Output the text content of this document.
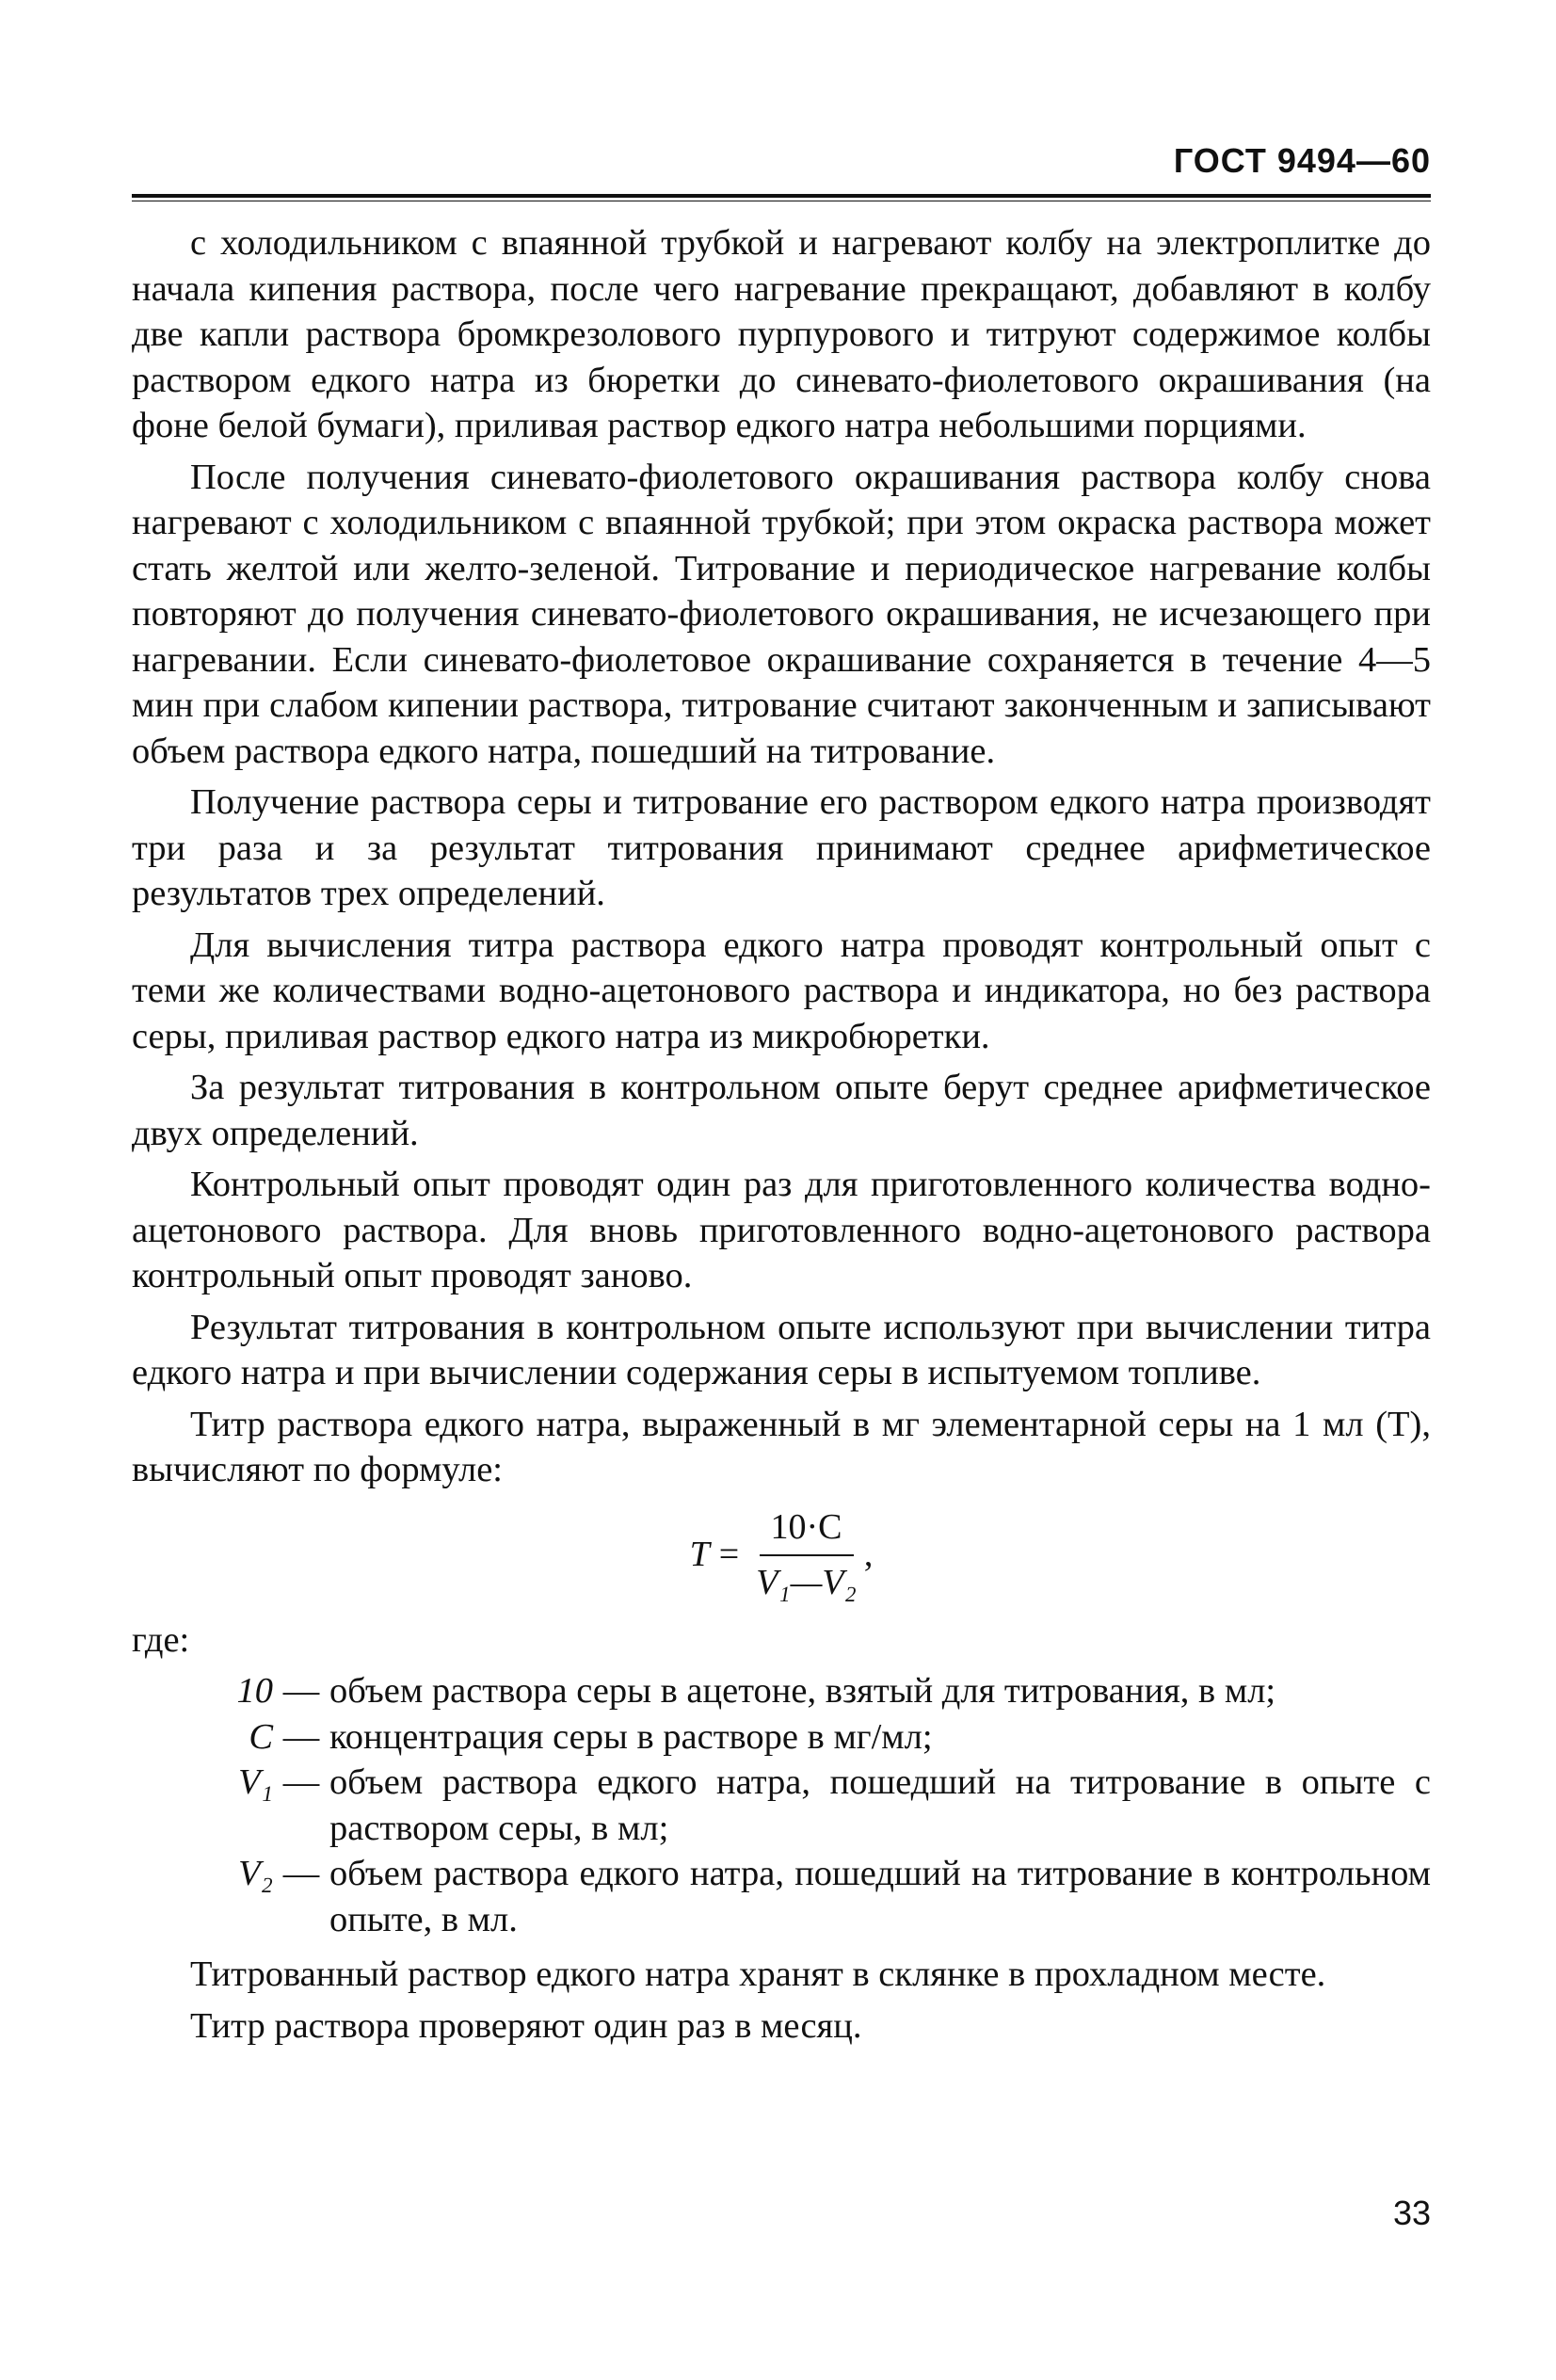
ГОСТ 9494—60

с холодильником с впаянной трубкой и нагревают колбу на электроплитке до начала кипения раствора, после чего нагревание прекращают, добавляют в колбу две капли раствора бромкрезолового пурпурового и титруют содержимое колбы раствором едкого натра из бюретки до синевато-фиолетового окрашивания (на фоне белой бумаги), приливая раствор едкого натра небольшими порциями.

После получения синевато-фиолетового окрашивания раствора колбу снова нагревают с холодильником с впаянной трубкой; при этом окраска раствора может стать желтой или желто-зеленой. Титрование и периодическое нагревание колбы повторяют до получения синевато-фиолетового окрашивания, не исчезающего при нагревании. Если синевато-фиолетовое окрашивание сохраняется в течение 4—5 мин при слабом кипении раствора, титрование считают законченным и записывают объем раствора едкого натра, пошедший на титрование.

Получение раствора серы и титрование его раствором едкого натра производят три раза и за результат титрования принимают среднее арифметическое результатов трех определений.

Для вычисления титра раствора едкого натра проводят контрольный опыт с теми же количествами водно-ацетонового раствора и индикатора, но без раствора серы, приливая раствор едкого натра из микробюретки.

За результат титрования в контрольном опыте берут среднее арифметическое двух определений.

Контрольный опыт проводят один раз для приготовленного количества водно-ацетонового раствора. Для вновь приготовленного водно-ацетонового раствора контрольный опыт проводят заново.

Результат титрования в контрольном опыте используют при вычислении титра едкого натра и при вычислении содержания серы в испытуемом топливе.

Титр раствора едкого натра, выраженный в мг элементарной серы на 1 мл (Т), вычисляют по формуле:

$T = \frac{10\cdot C}{\text{V₁—V₂}}$ ,

где:

10 — объем раствора серы в ацетоне, взятый для титрования, в мл;
C — концентрация серы в растворе в мг/мл;
V₁ — объем раствора едкого натра, пошедший на титрование в опыте с раствором серы, в мл;
V₂ — объем раствора едкого натра, пошедший на титрование в контрольном опыте, в мл.

Титрованный раствор едкого натра хранят в склянке в прохладном месте.

Титр раствора проверяют один раз в месяц.

33
